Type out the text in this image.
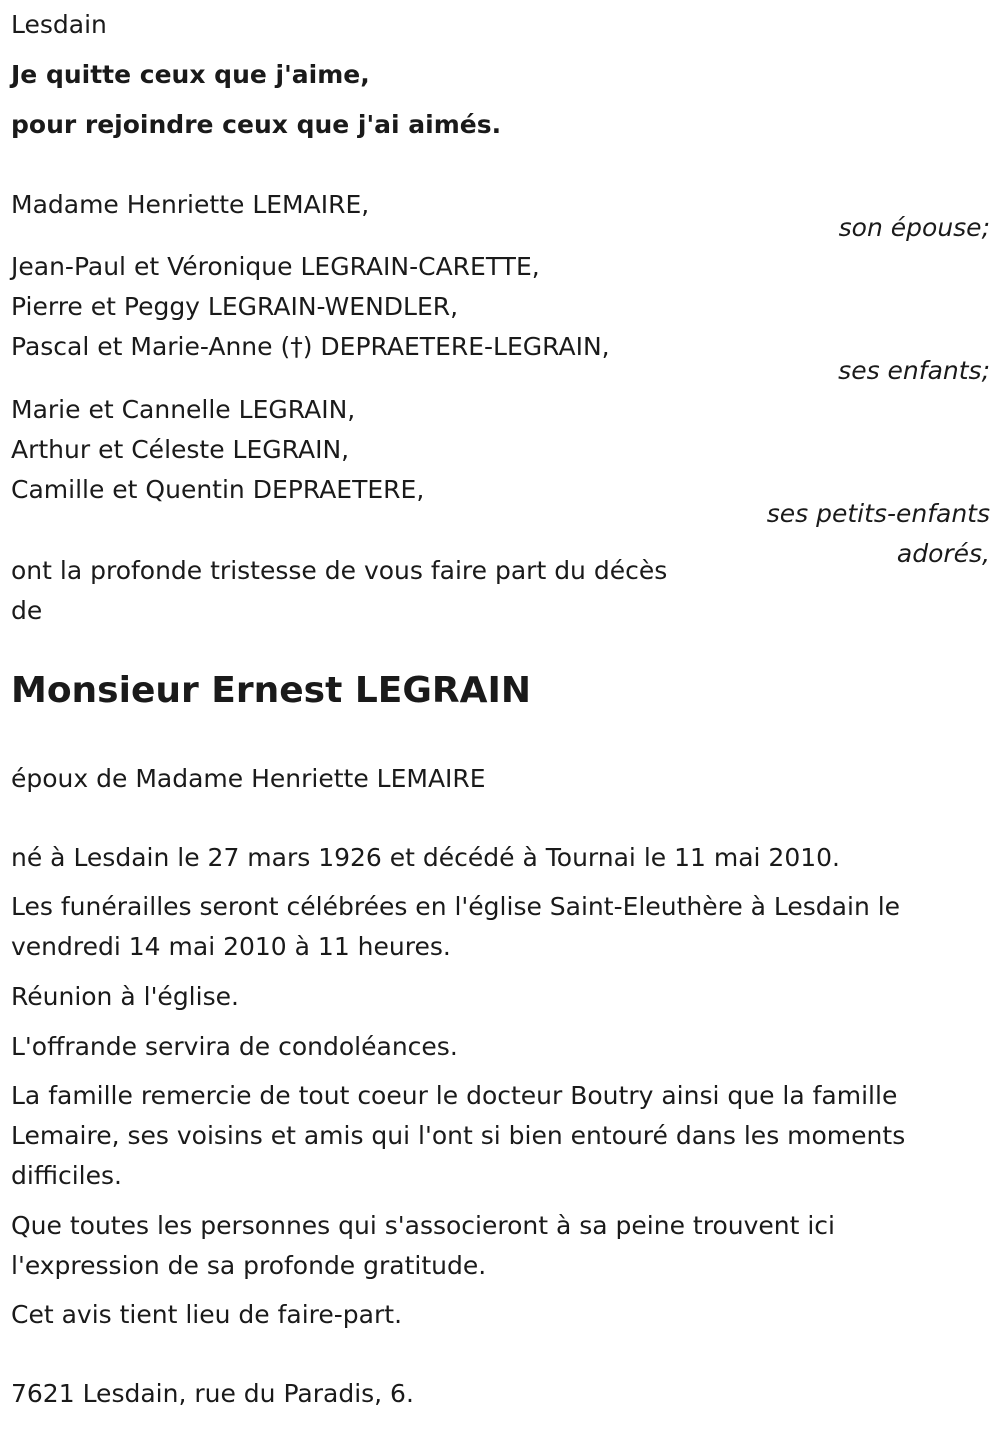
Lesdain
Je quitte ceux que j'aime,
pour rejoindre ceux que j'ai aimés.
Madame Henriette LEMAIRE,
son épouse;
Jean-Paul et Véronique LEGRAIN-CARETTE,
Pierre et Peggy LEGRAIN-WENDLER,
Pascal et Marie-Anne (†) DEPRAETERE-LEGRAIN,
ses enfants;
Marie et Cannelle LEGRAIN,
Arthur et Céleste LEGRAIN,
Camille et Quentin DEPRAETERE,
ses petits-enfants
adorés,
ont la profonde tristesse de vous faire part du décès
de
Monsieur Ernest LEGRAIN
époux de Madame Henriette LEMAIRE
né à Lesdain le 27 mars 1926 et décédé à Tournai le 11 mai 2010.
Les funérailles seront célébrées en l'église Saint-Eleuthère à Lesdain le
vendredi 14 mai 2010 à 11 heures.
Réunion à l'église.
L'offrande servira de condoléances.
La famille remercie de tout coeur le docteur Boutry ainsi que la famille
Lemaire, ses voisins et amis qui l'ont si bien entouré dans les moments
difficiles.
Que toutes les personnes qui s'associeront à sa peine trouvent ici
l'expression de sa profonde gratitude.
Cet avis tient lieu de faire-part.
7621 Lesdain, rue du Paradis, 6.
